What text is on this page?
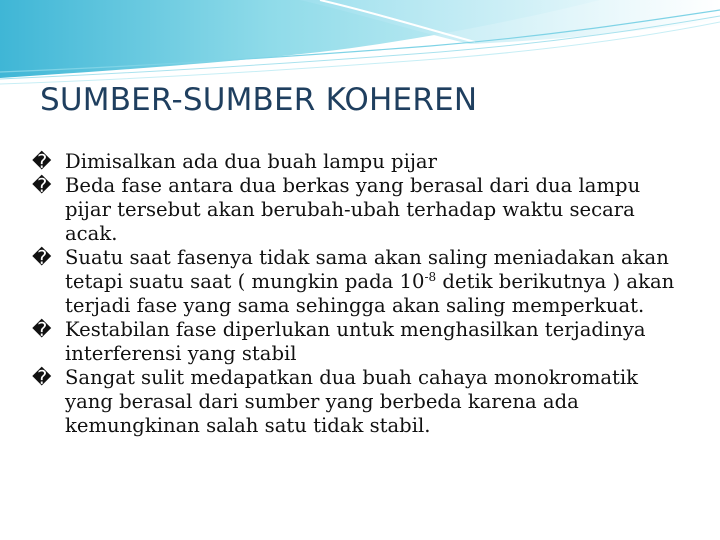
SUMBER-SUMBER KOHEREN
� Dimisalkan ada dua buah lampu pijar
� Beda fase antara dua berkas yang berasal dari dua lampu pijar tersebut akan berubah-ubah terhadap waktu secara acak.
� Suatu saat fasenya tidak sama akan saling meniadakan akan tetapi suatu saat ( mungkin pada $10^{-8}$ detik berikutnya ) akan terjadi fase yang sama sehingga akan saling memperkuat.
� Kestabilan fase diperlukan untuk menghasilkan terjadinya interferensi yang stabil
� Sangat sulit medapatkan dua buah cahaya monokromatik yang berasal dari sumber yang berbeda karena ada kemungkinan salah satu tidak stabil.
